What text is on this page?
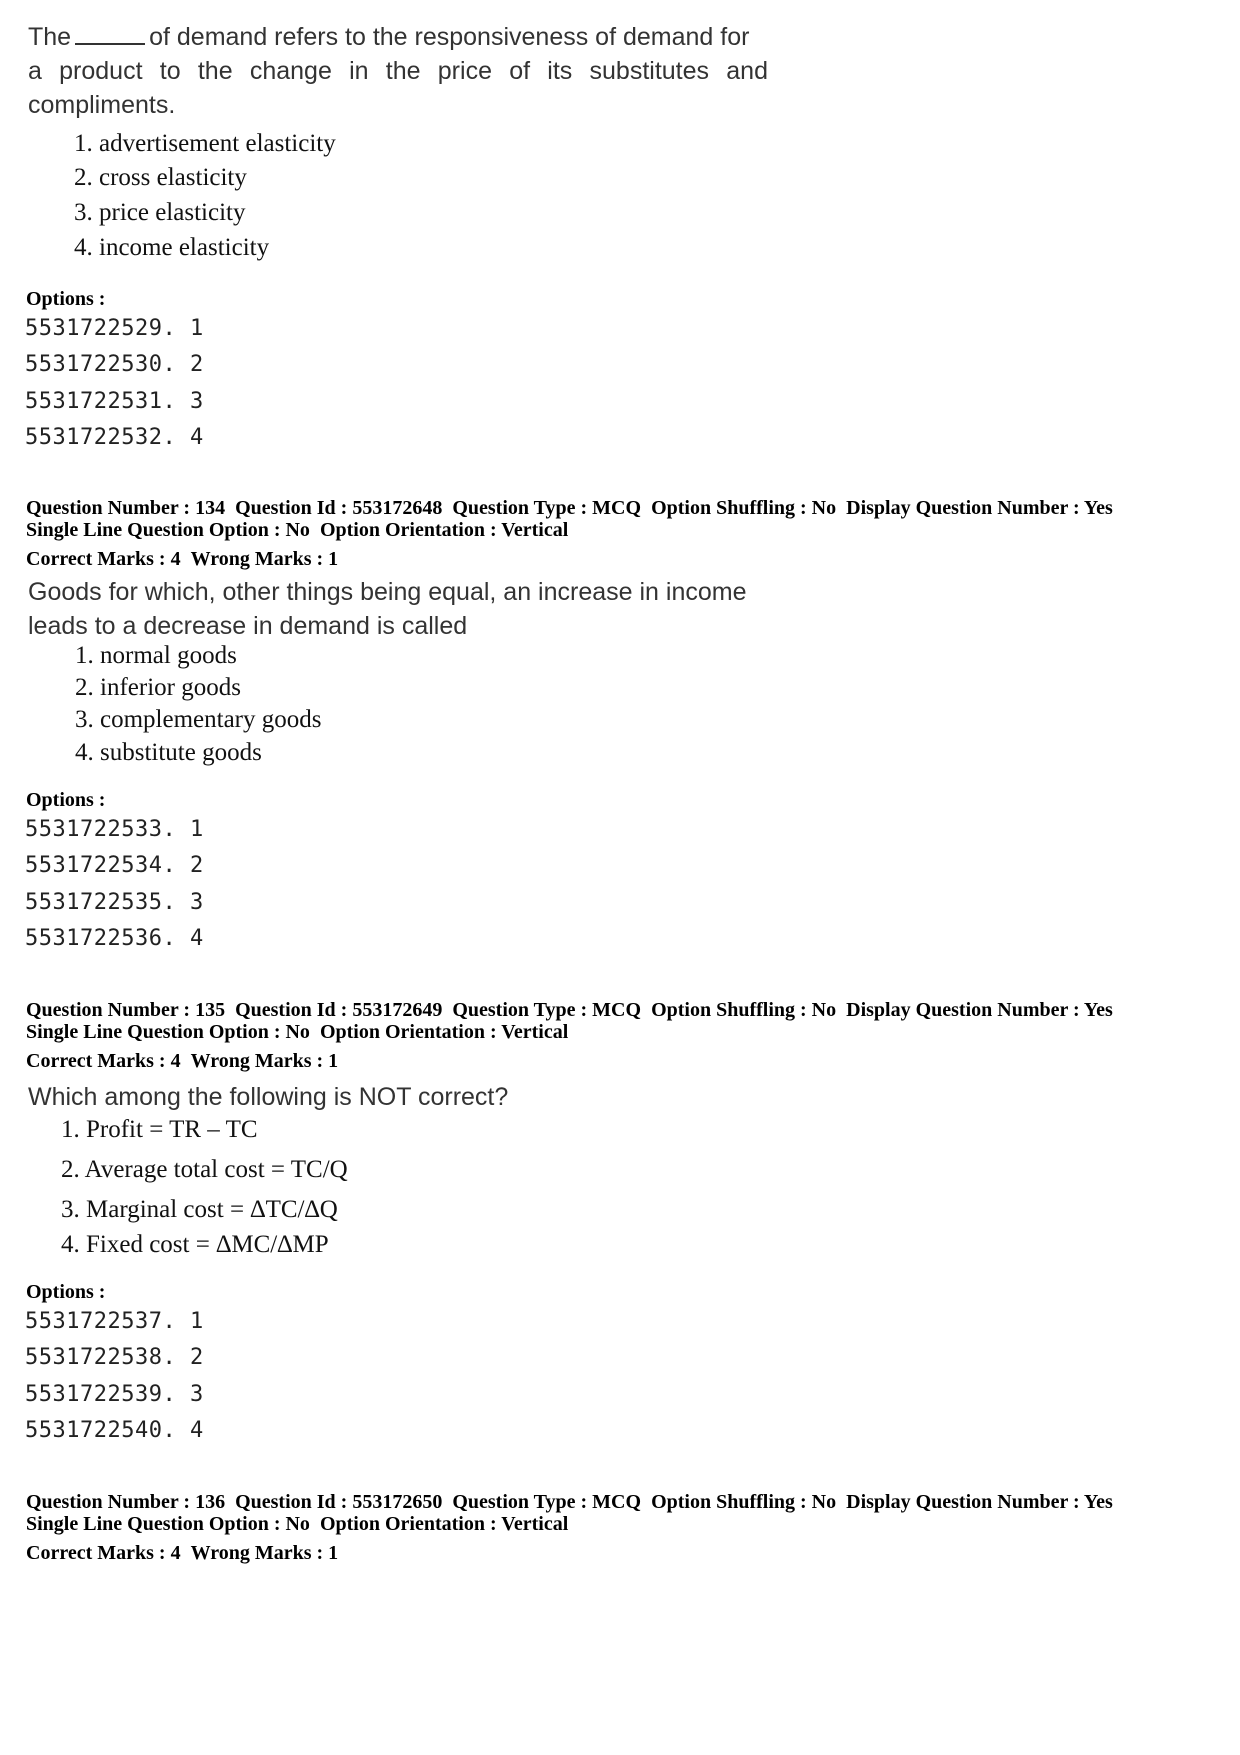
The	of demand refers to the responsiveness of demand for
a product to the change in the price of its substitutes and
compliments.
1. advertisement elasticity
2. cross elasticity
3. price elasticity
4. income elasticity
Options :
5531722529. 1
5531722530. 2
5531722531. 3
5531722532. 4
Question Number : 134 Question Id : 553172648 Question Type : MCQ Option Shuffling : No Display Question Number : Yes
Single Line Question Option : No Option Orientation : Vertical
Correct Marks : 4 Wrong Marks : 1
Goods for which, other things being equal, an increase in income
leads to a decrease in demand is called
1. normal goods
2. inferior goods
3. complementary goods
4. substitute goods
Options :
5531722533. 1
5531722534. 2
5531722535. 3
5531722536. 4
Question Number : 135 Question Id : 553172649 Question Type : MCQ Option Shuffling : No Display Question Number : Yes
Single Line Question Option : No Option Orientation : Vertical
Correct Marks : 4 Wrong Marks : 1
Which among the following is NOT correct?
1. Profit = TR – TC
2. Average total cost = TC/Q
3. Marginal cost = ∆TC/∆Q
4. Fixed cost = ∆MC/∆MP
Options :
5531722537. 1
5531722538. 2
5531722539. 3
5531722540. 4
Question Number : 136 Question Id : 553172650 Question Type : MCQ Option Shuffling : No Display Question Number : Yes
Single Line Question Option : No Option Orientation : Vertical
Correct Marks : 4 Wrong Marks : 1
